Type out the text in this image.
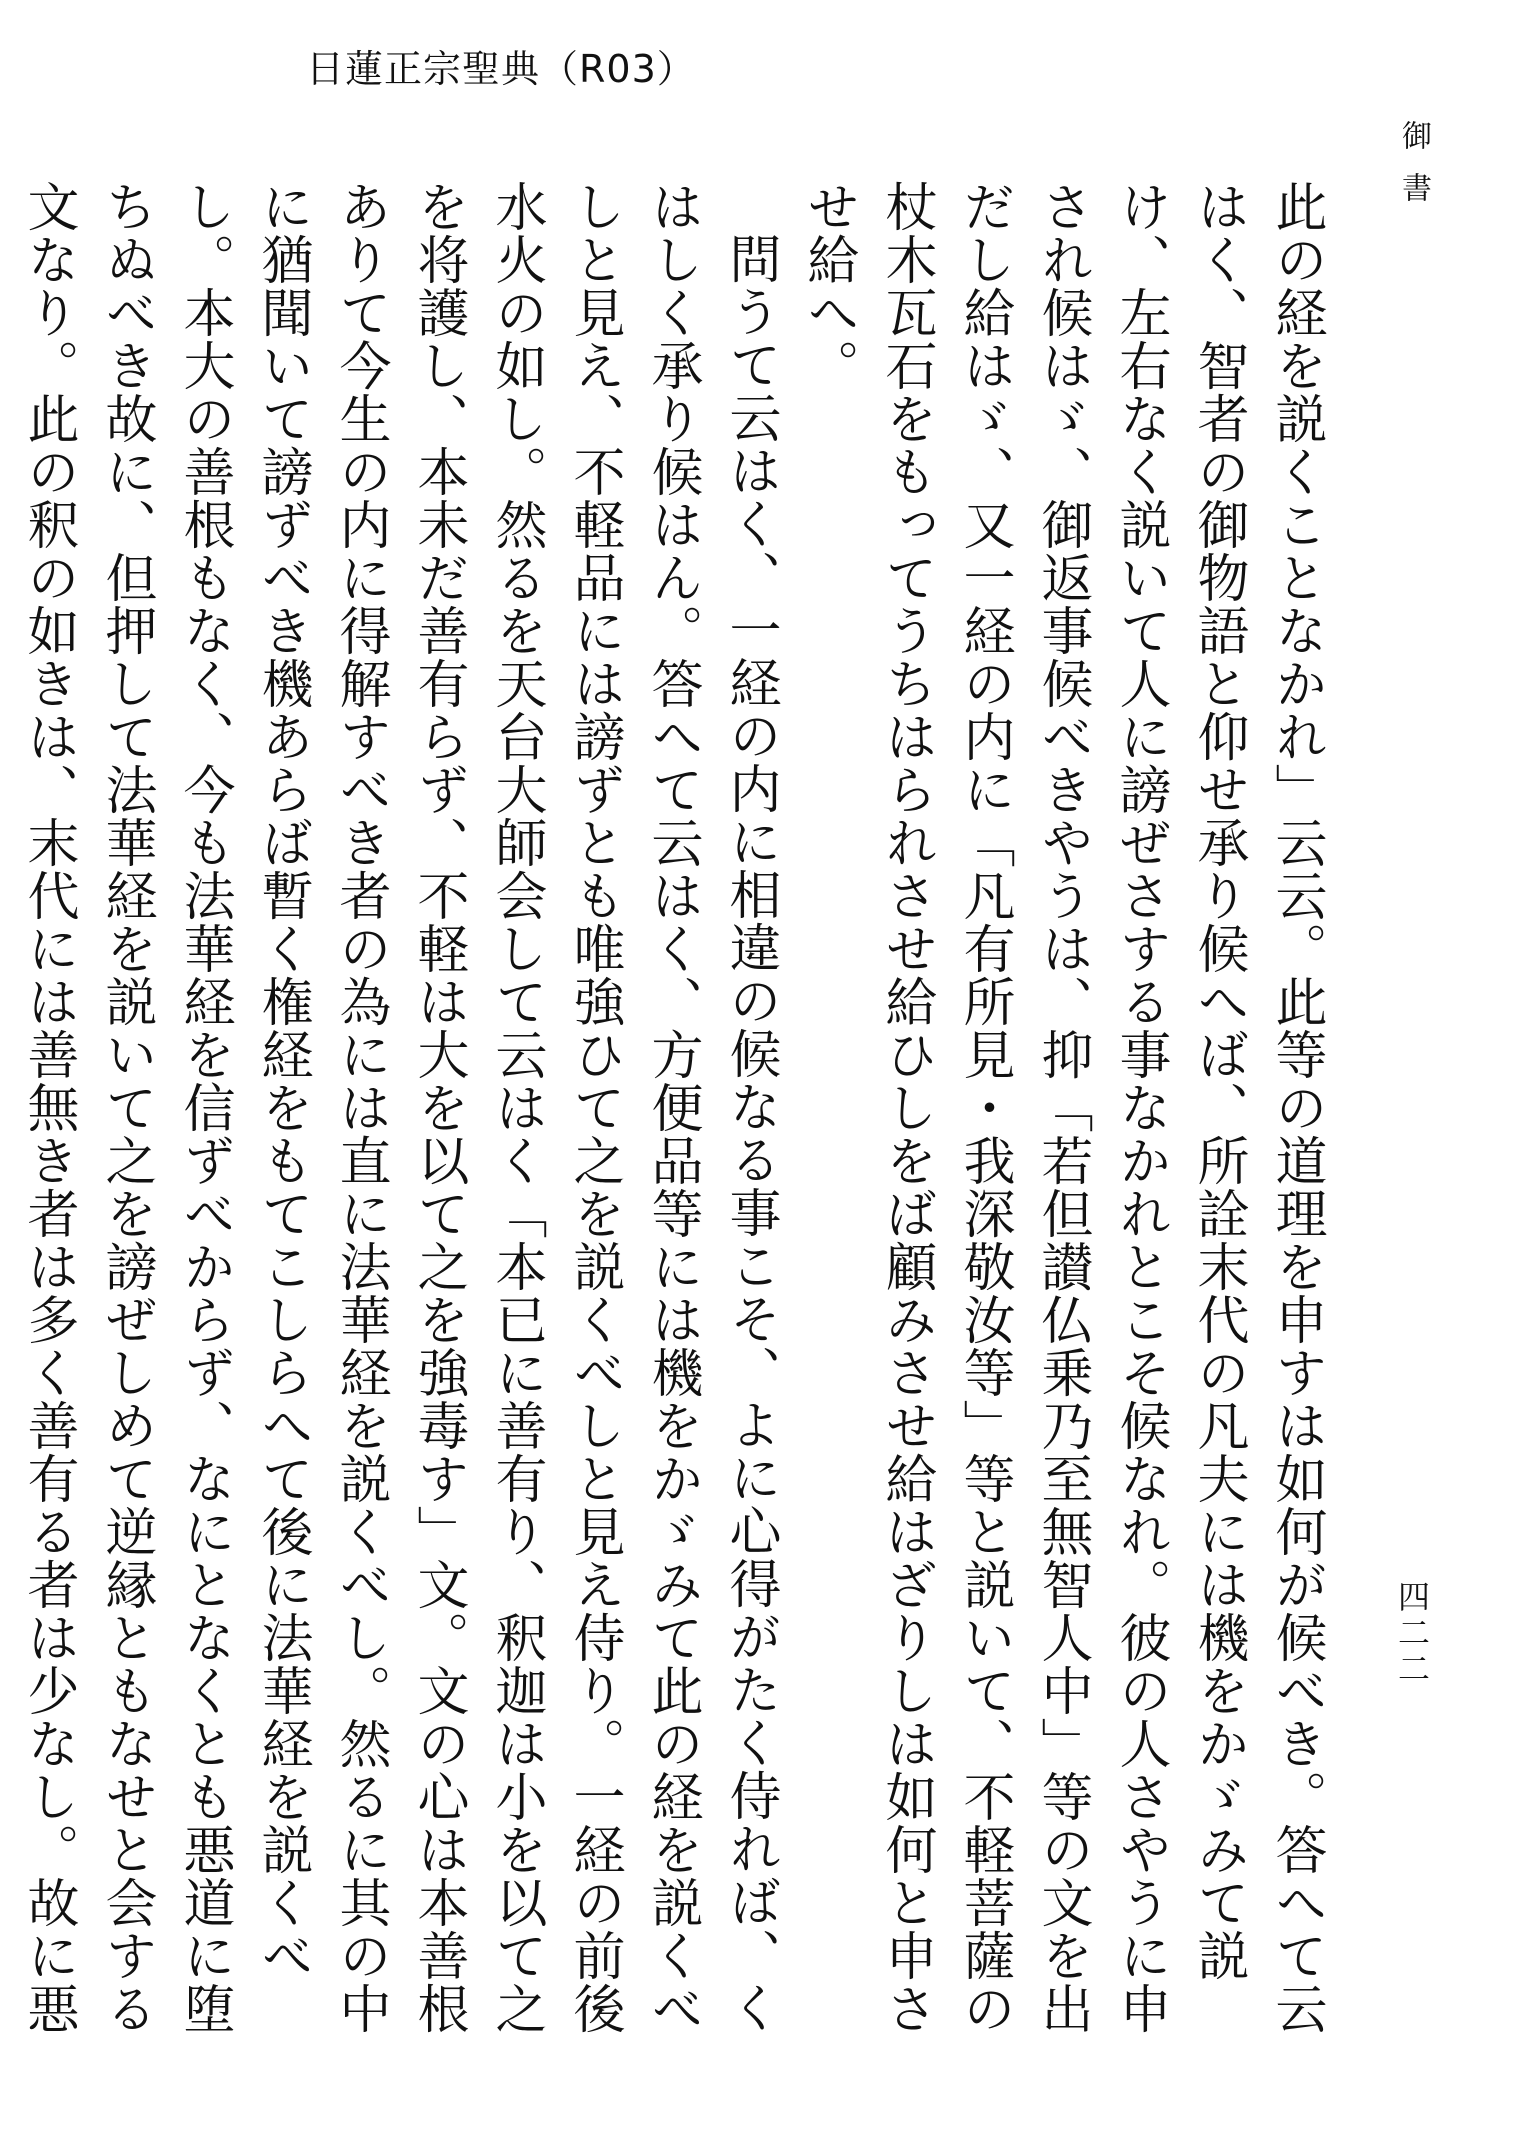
日蓮正宗聖典（R03）
御書
四二二

此の経を説くことなかれ」云云。此等の道理を申すは如何が候べき。答へて云はく、智者の御物語と仰せ承り候へば、所詮末代の凡夫には機をかゞみて説け、左右なく説いて人に謗ぜさする事なかれとこそ候なれ。彼の人さやうに申され候はゞ、御返事候べきやうは、抑「若但讃仏乗乃至無智人中」等の文を出だし給はゞ、又一経の内に「凡有所見・我深敬汝等」等と説いて、不軽菩薩の杖木瓦石をもってうちはられさせ給ひしをば顧みさせ給はざりしは如何と申させ給へ。

問うて云はく、一経の内に相違の候なる事こそ、よに心得がたく侍れば、くはしく承り候はん。答へて云はく、方便品等には機をかゞみて此の経を説くべしと見え、不軽品には謗ずとも唯強ひて之を説くべしと見え侍り。一経の前後水火の如し。然るを天台大師会して云はく「本已に善有り、釈迦は小を以て之を将護し、本未だ善有らず、不軽は大を以て之を強毒す」文。文の心は本善根ありて今生の内に得解すべき者の為には直に法華経を説くべし。然るに其の中に猶聞いて謗ずべき機あらば暫く権経をもてこしらへて後に法華経を説くべし。本大の善根もなく、今も法華経を信ずべからず、なにとなくとも悪道に堕ちぬべき故に、但押して法華経を説いて之を謗ぜしめて逆縁ともなせと会する文なり。此の釈の如きは、末代には善無き者は多く善有る者は少なし。故に悪
